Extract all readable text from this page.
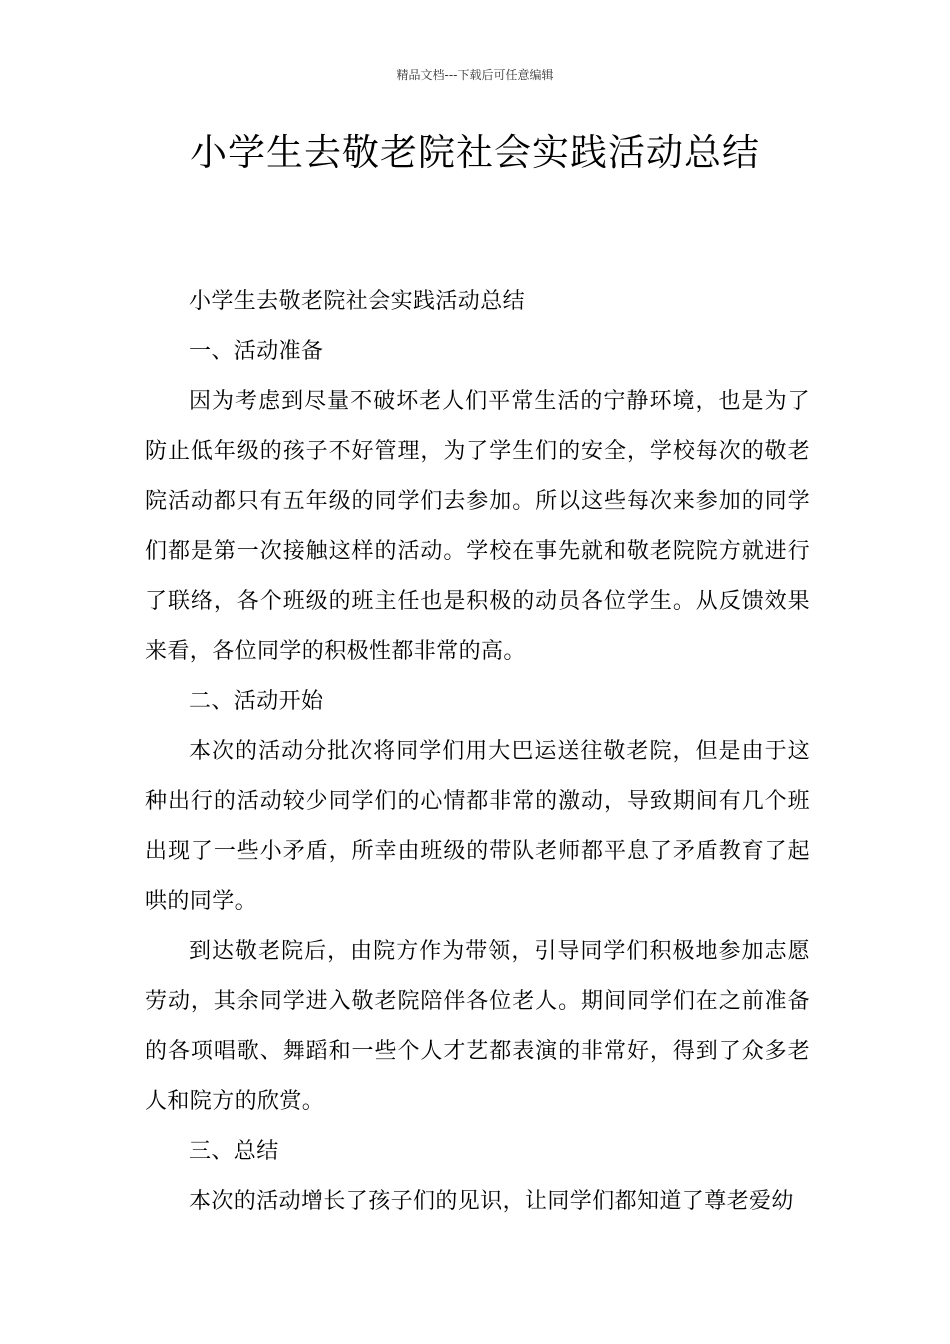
精品文档---下载后可任意编辑
小学生去敬老院社会实践活动总结

小学生去敬老院社会实践活动总结

一、活动准备

因为考虑到尽量不破坏老人们平常生活的宁静环境，也是为了防止低年级的孩子不好管理，为了学生们的安全，学校每次的敬老院活动都只有五年级的同学们去参加。所以这些每次来参加的同学们都是第一次接触这样的活动。学校在事先就和敬老院院方就进行了联络，各个班级的班主任也是积极的动员各位学生。从反馈效果来看，各位同学的积极性都非常的高。

二、活动开始

本次的活动分批次将同学们用大巴运送往敬老院，但是由于这种出行的活动较少同学们的心情都非常的激动，导致期间有几个班出现了一些小矛盾，所幸由班级的带队老师都平息了矛盾教育了起哄的同学。

到达敬老院后，由院方作为带领，引导同学们积极地参加志愿劳动，其余同学进入敬老院陪伴各位老人。期间同学们在之前准备的各项唱歌、舞蹈和一些个人才艺都表演的非常好，得到了众多老人和院方的欣赏。

三、总结

本次的活动增长了孩子们的见识，让同学们都知道了尊老爱幼
